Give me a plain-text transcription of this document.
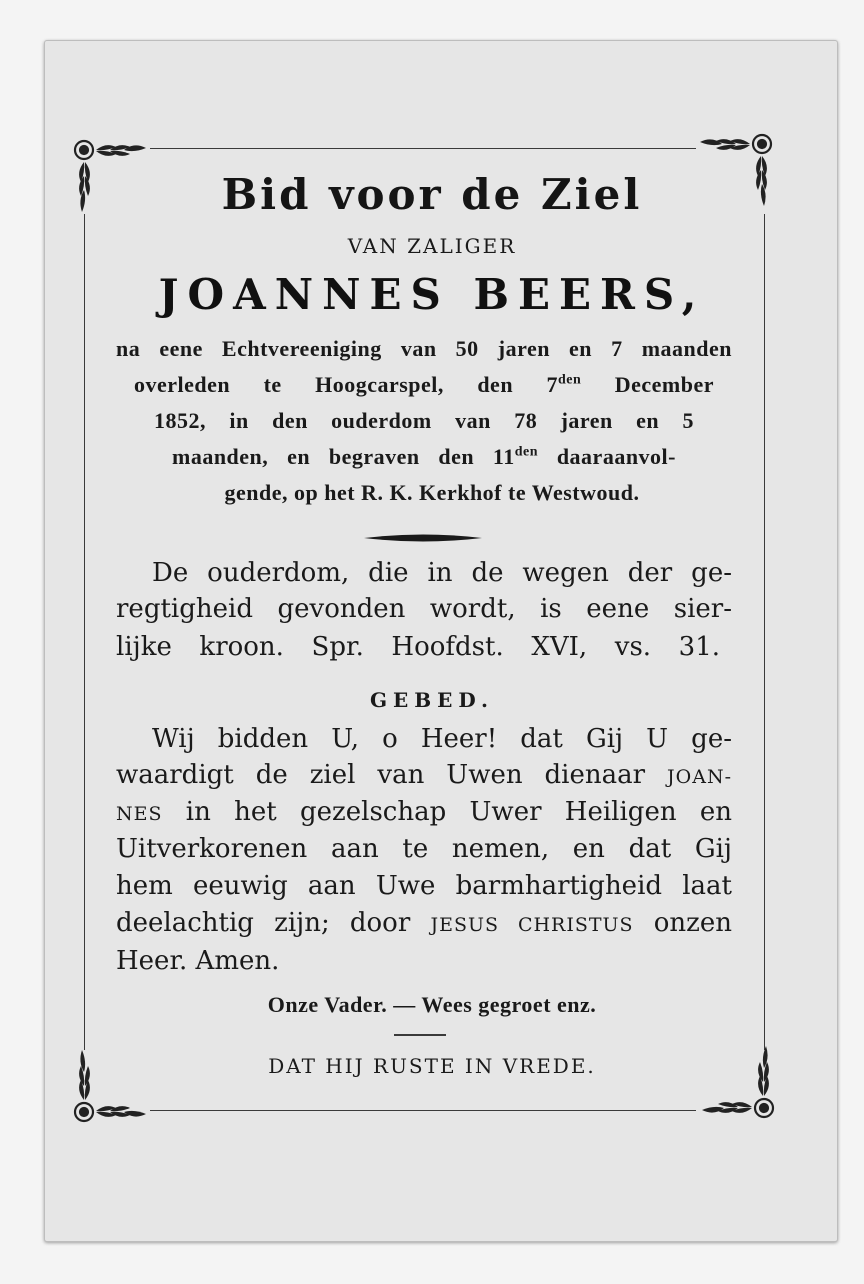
Bid voor de Ziel
VAN ZALIGER
JOANNES BEERS,
na eene Echtvereeniging van 50 jaren en 7 maanden
overleden te Hoogcarspel, den $7^{den}$ December
1852, in den ouderdom van 78 jaren en 5
maanden, en begraven den $11^{den}$ daaraanvol-
gende, op het R. K. Kerkhof te Westwoud.
De ouderdom, die in de wegen der ge-
regtigheid gevonden wordt, is eene sier-
lijke kroon. Spr. Hoofdst. XVI, vs. 31.
GEBED.
Wij bidden U, o Heer! dat Gij U ge-
waardigt de ziel van Uwen dienaar JOAN-
NES in het gezelschap Uwer Heiligen en
Uitverkorenen aan te nemen, en dat Gij
hem eeuwig aan Uwe barmhartigheid laat
deelachtig zijn; door JESUS CHRISTUS onzen
Heer. Amen.
Onze Vader. — Wees gegroet enz.
DAT HIJ RUSTE IN VREDE.
